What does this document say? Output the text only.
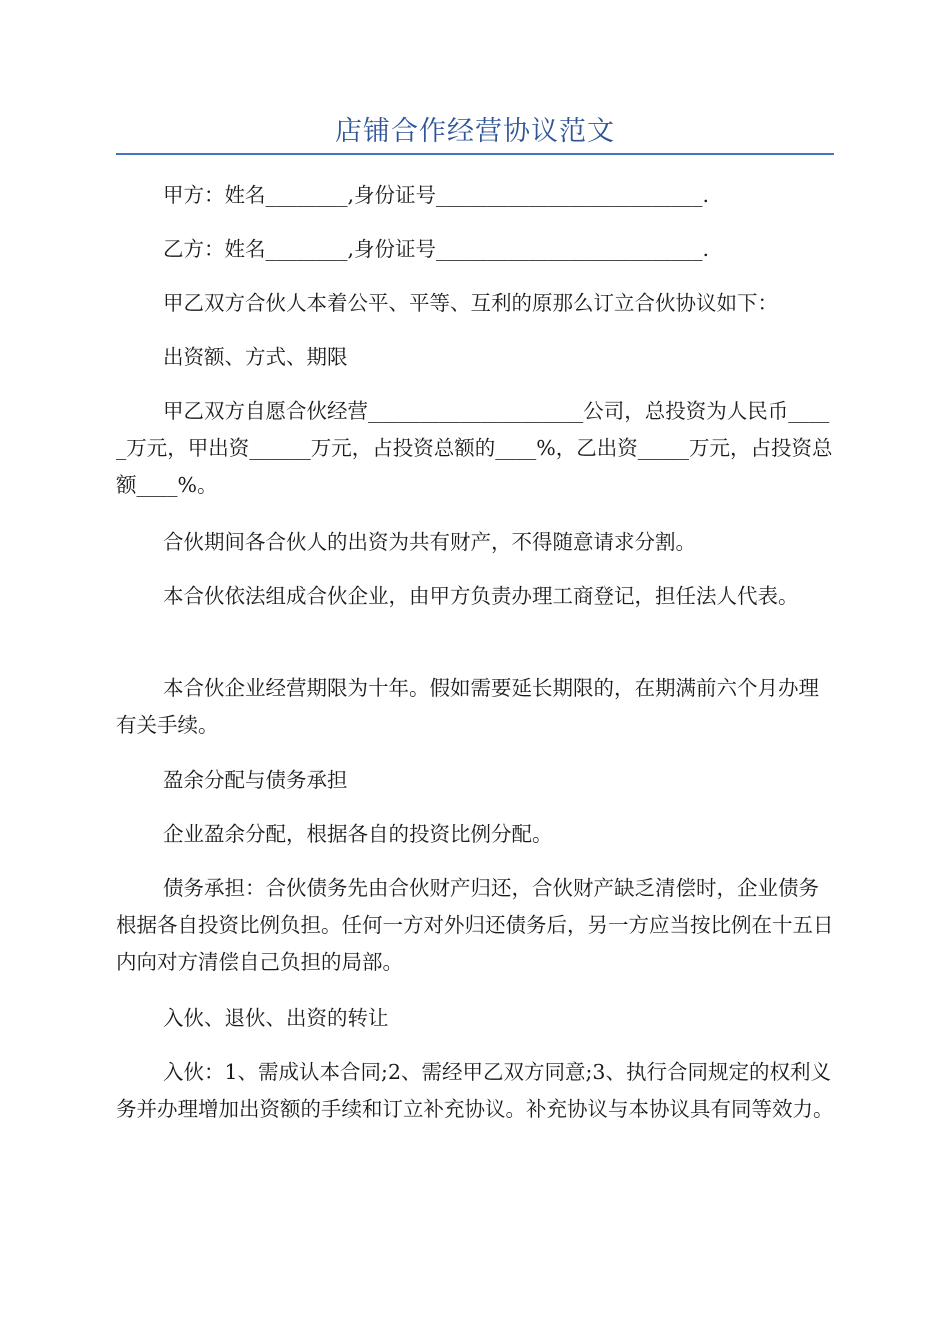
店铺合作经营协议范文
甲方：姓名________,身份证号__________________________.
乙方：姓名________,身份证号__________________________.
甲乙双方合伙人本着公平、平等、互利的原那么订立合伙协议如下：
出资额、方式、期限
甲乙双方自愿合伙经营_____________________公司，总投资为人民币_____万元，甲出资______万元，占投资总额的____%，乙出资_____万元，占投资总额____%。
合伙期间各合伙人的出资为共有财产，不得随意请求分割。
本合伙依法组成合伙企业，由甲方负责办理工商登记，担任法人代表。
本合伙企业经营期限为十年。假如需要延长期限的，在期满前六个月办理有关手续。
盈余分配与债务承担
企业盈余分配，根据各自的投资比例分配。
债务承担：合伙债务先由合伙财产归还，合伙财产缺乏清偿时，企业债务根据各自投资比例负担。任何一方对外归还债务后，另一方应当按比例在十五日内向对方清偿自己负担的局部。
入伙、退伙、出资的转让
入伙：1、需成认本合同;2、需经甲乙双方同意;3、执行合同规定的权利义务并办理增加出资额的手续和订立补充协议。补充协议与本协议具有同等效力。
